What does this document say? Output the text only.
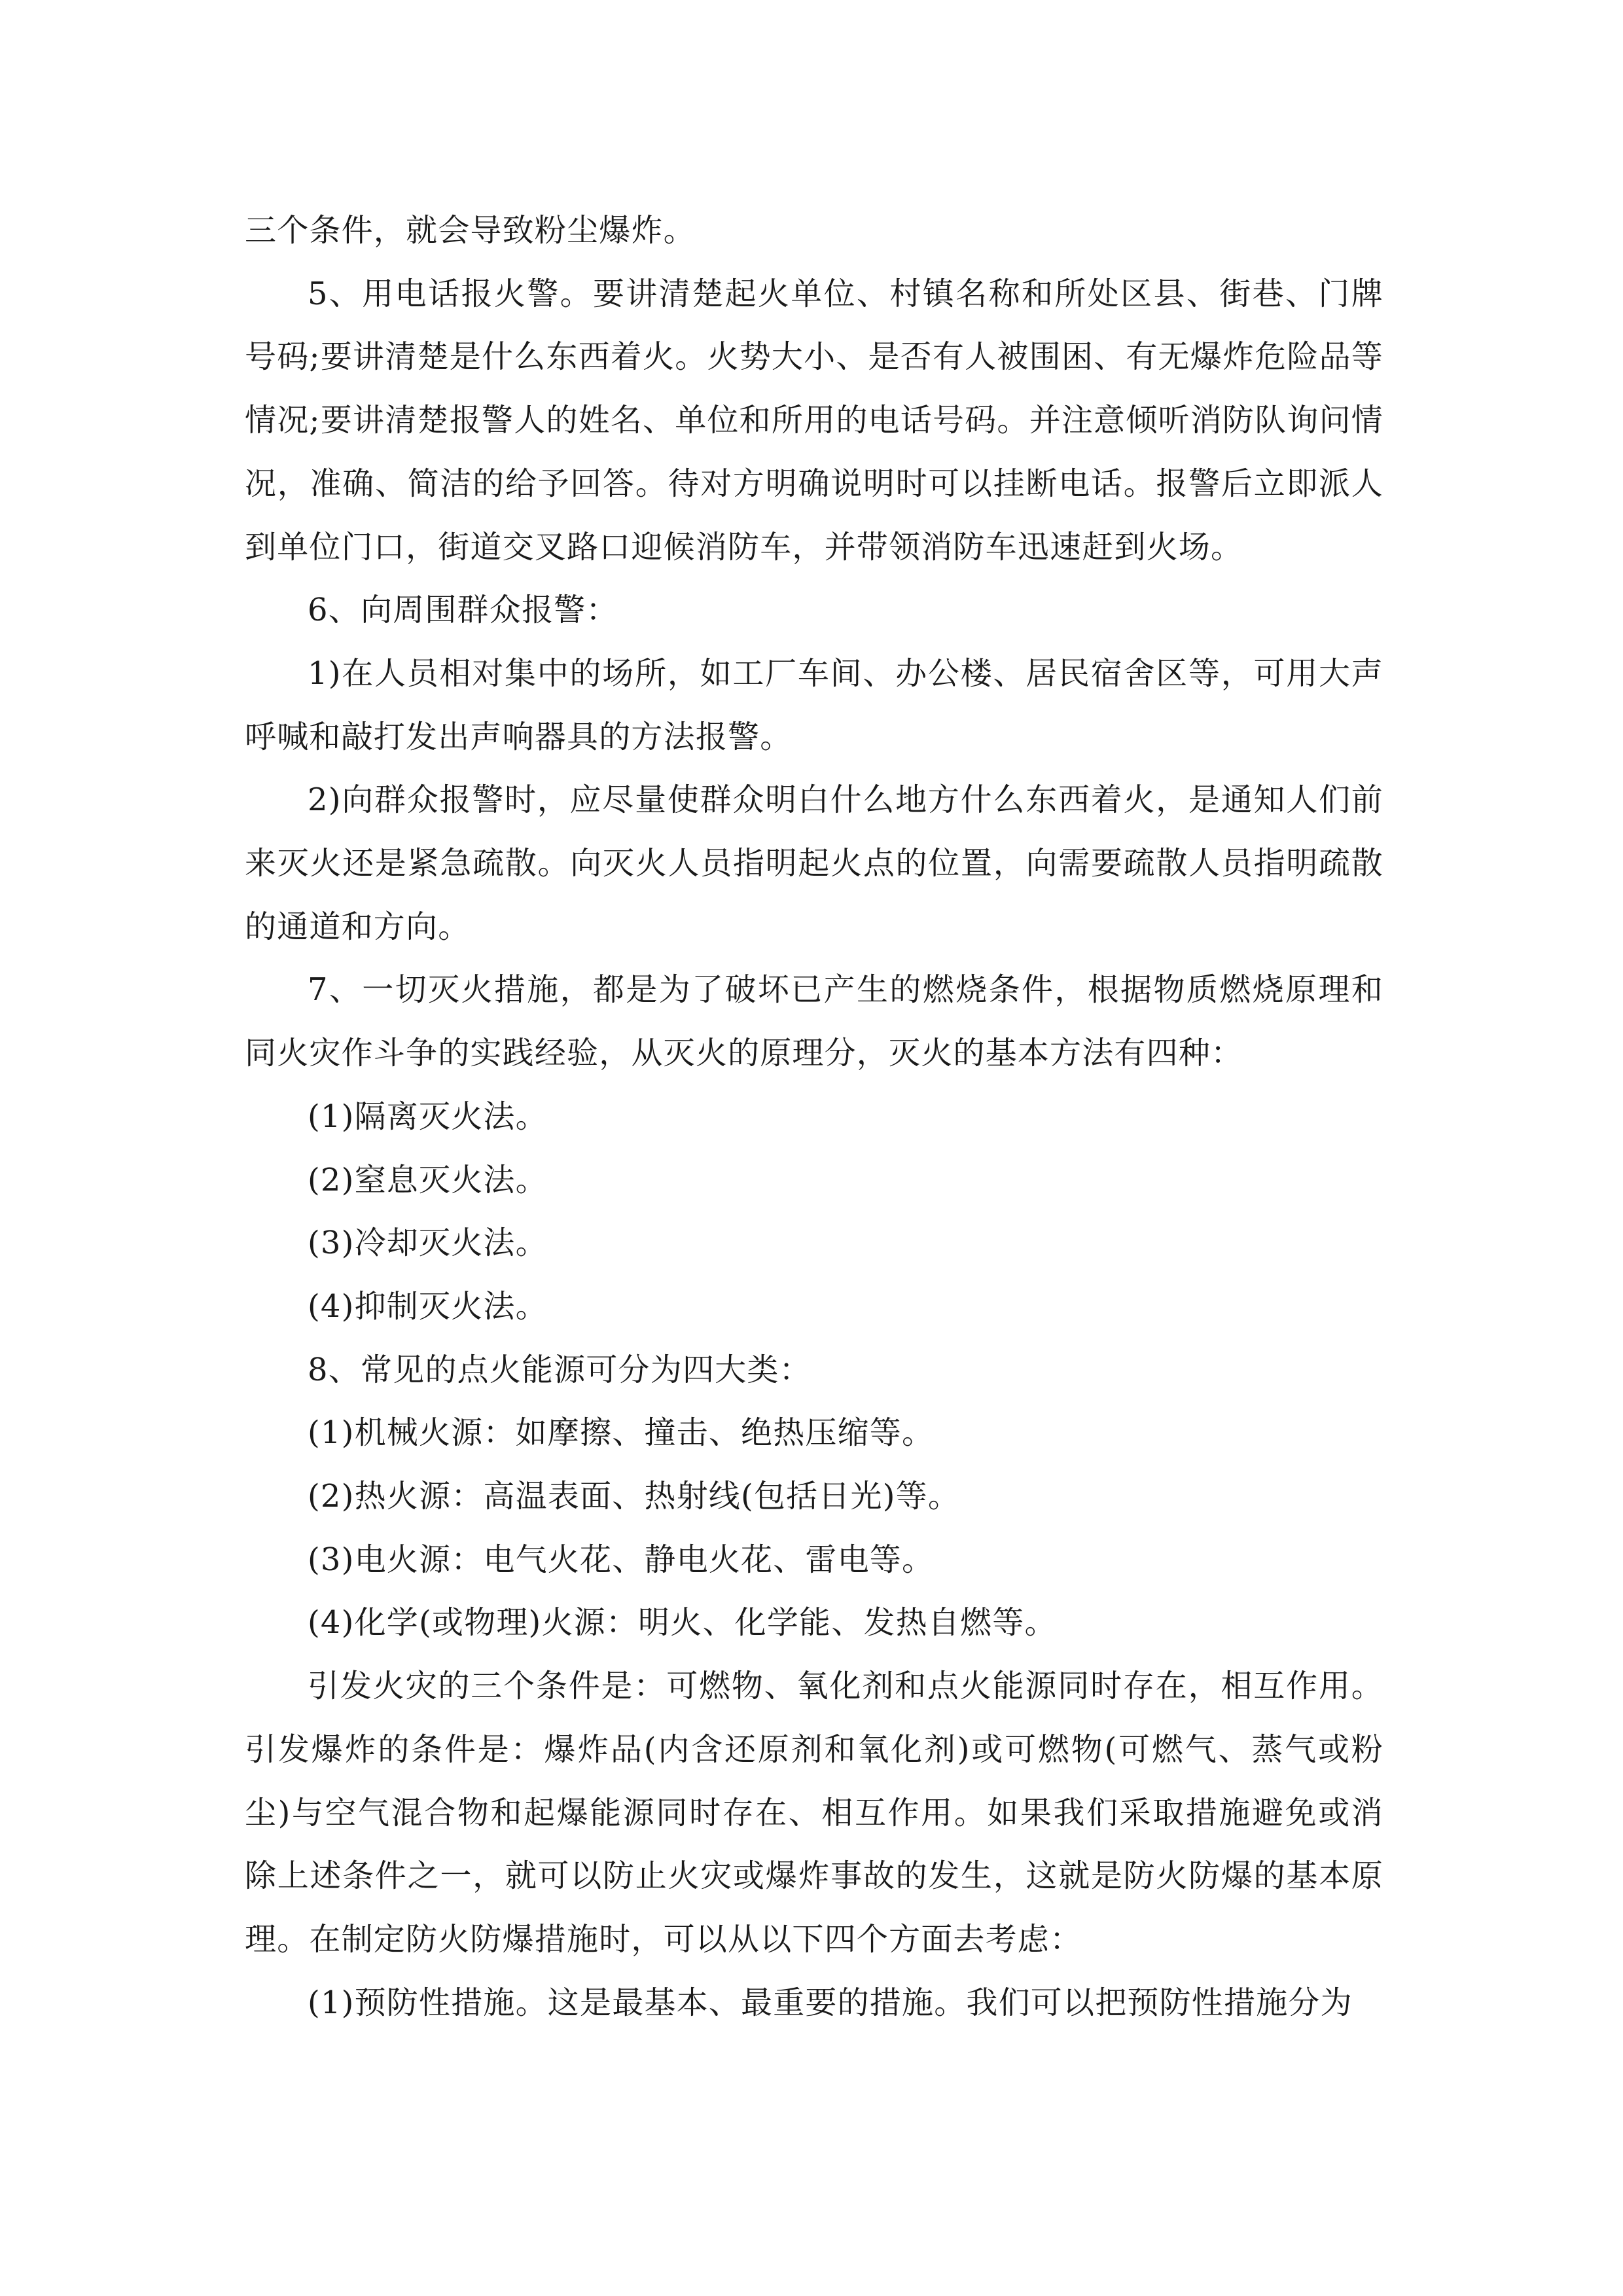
三个条件，就会导致粉尘爆炸。

5、用电话报火警。要讲清楚起火单位、村镇名称和所处区县、街巷、门牌号码;要讲清楚是什么东西着火。火势大小、是否有人被围困、有无爆炸危险品等情况;要讲清楚报警人的姓名、单位和所用的电话号码。并注意倾听消防队询问情况，准确、简洁的给予回答。待对方明确说明时可以挂断电话。报警后立即派人到单位门口，街道交叉路口迎候消防车，并带领消防车迅速赶到火场。

6、向周围群众报警：

1)在人员相对集中的场所，如工厂车间、办公楼、居民宿舍区等，可用大声呼喊和敲打发出声响器具的方法报警。

2)向群众报警时，应尽量使群众明白什么地方什么东西着火，是通知人们前来灭火还是紧急疏散。向灭火人员指明起火点的位置，向需要疏散人员指明疏散的通道和方向。

7、一切灭火措施，都是为了破坏已产生的燃烧条件，根据物质燃烧原理和同火灾作斗争的实践经验，从灭火的原理分，灭火的基本方法有四种：

(1)隔离灭火法。

(2)窒息灭火法。

(3)冷却灭火法。

(4)抑制灭火法。

8、常见的点火能源可分为四大类：

(1)机械火源：如摩擦、撞击、绝热压缩等。

(2)热火源：高温表面、热射线(包括日光)等。

(3)电火源：电气火花、静电火花、雷电等。

(4)化学(或物理)火源：明火、化学能、发热自燃等。

引发火灾的三个条件是：可燃物、氧化剂和点火能源同时存在，相互作用。引发爆炸的条件是：爆炸品(内含还原剂和氧化剂)或可燃物(可燃气、蒸气或粉尘)与空气混合物和起爆能源同时存在、相互作用。如果我们采取措施避免或消除上述条件之一，就可以防止火灾或爆炸事故的发生，这就是防火防爆的基本原理。在制定防火防爆措施时，可以从以下四个方面去考虑：

(1)预防性措施。这是最基本、最重要的措施。我们可以把预防性措施分为
